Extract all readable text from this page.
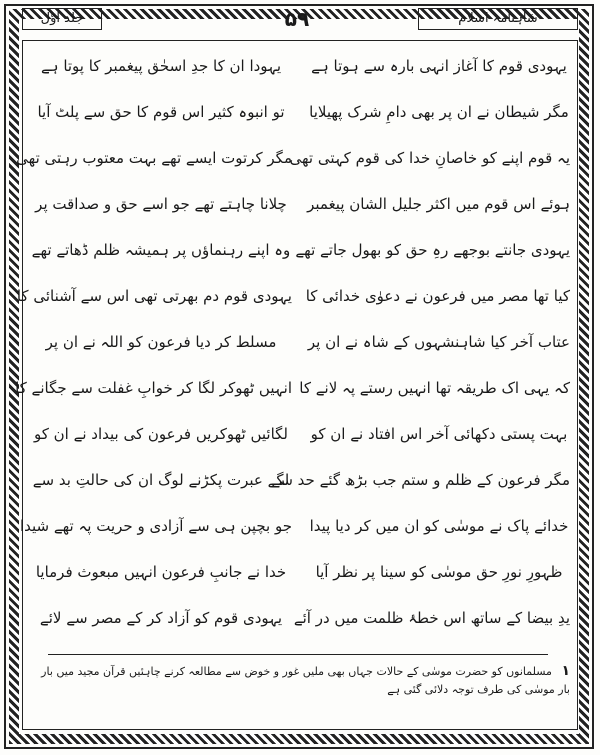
جلد اوّل	۵۹	شاہنامہ اسلام
یہودی قوم کا آغاز انہی بارہ سے ہوتا ہے
یہودا ان کا جدِ اسحٰق پیغمبر کا پوتا ہے
مگر شیطان نے ان پر بھی دامِ شرک پھیلایا
تو انبوہ کثیر اس قوم کا حق سے پلٹ آیا
یہ قوم اپنے کو خاصانِ خدا کی قوم کہتی تھی
مگر کرتوت ایسے تھے بہت معتوب رہتی تھی
ہوئے اس قوم میں اکثر جلیل الشان پیغمبر
چلانا چاہتے تھے جو اسے حق و صداقت پر
یہودی جانتے بوجھے رہِ حق کو بھول جاتے تھے
وہ اپنے رہنماؤں پر ہمیشہ ظلم ڈھاتے تھے
کیا تھا مصر میں فرعون نے دعوٰی خدائی کا
یہودی قوم دم بھرتی تھی اس سے آشنائی کا
عتاب آخر کیا شاہنشہوں کے شاہ نے ان پر
مسلط کر دیا فرعون کو اللہ نے ان پر
کہ یہی اک طریقہ تھا انہیں رستے پہ لانے کا
انہیں ٹھوکر لگا کر خوابِ غفلت سے جگانے کا
بہت پستی دکھائی آخر اس افتاد نے ان کو
لگائیں ٹھوکریں فرعون کی بیداد نے ان کو
مگر فرعون کے ظلم و ستم جب بڑھ گئے حد سے
لگے عبرت پکڑنے لوگ ان کی حالتِ بد سے
خدائے پاک نے موسٰی کو ان میں کر دیا پیدا
جو بچپن ہی سے آزادی و حریت پہ تھے شیدا
ظہورِ نورِ حق موسٰی کو سینا پر نظر آیا
خدا نے جانبِ فرعون انہیں مبعوث فرمایا
یدِ بیضا کے ساتھ اس خطۂ ظلمت میں در آئے
یہودی قوم کو آزاد کر کے مصر سے لائے
۱ مسلمانوں کو حضرت موسٰی کے حالات جہاں بھی ملیں غور و خوض سے مطالعہ کرنے چاہئیں قرآن مجید میں بار بار موسٰی کی طرف توجہ دلائی گئی ہے
